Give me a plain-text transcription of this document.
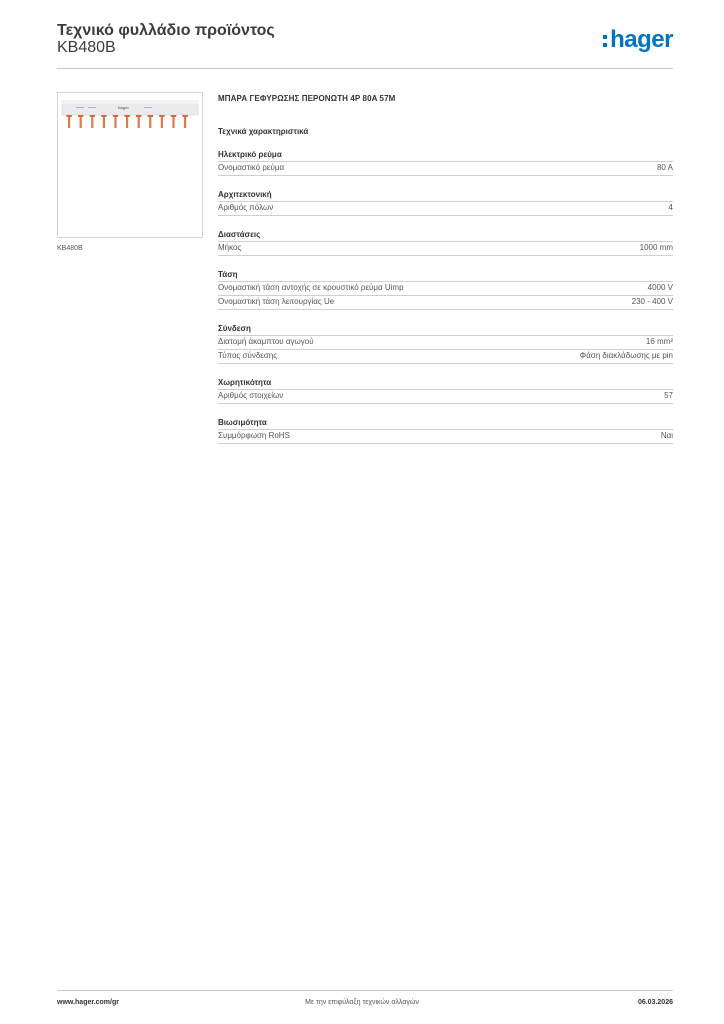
Τεχνικό φυλλάδιο προϊόντος
KB480B	hager
hager
KB480B
ΜΠΑΡΑ ΓΕΦΥΡΩΣΗΣ ΠΕΡΟΝΩΤΗ 4P 80A 57M
Τεχνικά χαρακτηριστικά
Ηλεκτρικό ρεύμα
Ονομαστικό ρεύμα	80 A
Αρχιτεκτονική
Αριθμός πόλων	4
Διαστάσεις
Μήκος	1000 mm
Τάση
Ονομαστική τάση αντοχής σε κρουστικό ρεύμα Uimp	4000 V
Ονομαστική τάση λειτουργίας Ue	230 - 400 V
Σύνδεση
Διατομή άκαμπτου αγωγού	16 mm²
Τύπος σύνδεσης	Φάση διακλάδωσης με pin
Χωρητικότητα
Αριθμός στοιχείων	57
Βιωσιμότητα
Συμμόρφωση RoHS	Ναι
www.hager.com/gr	Με την επιφύλαξη τεχνικών αλλαγών	06.03.2026
